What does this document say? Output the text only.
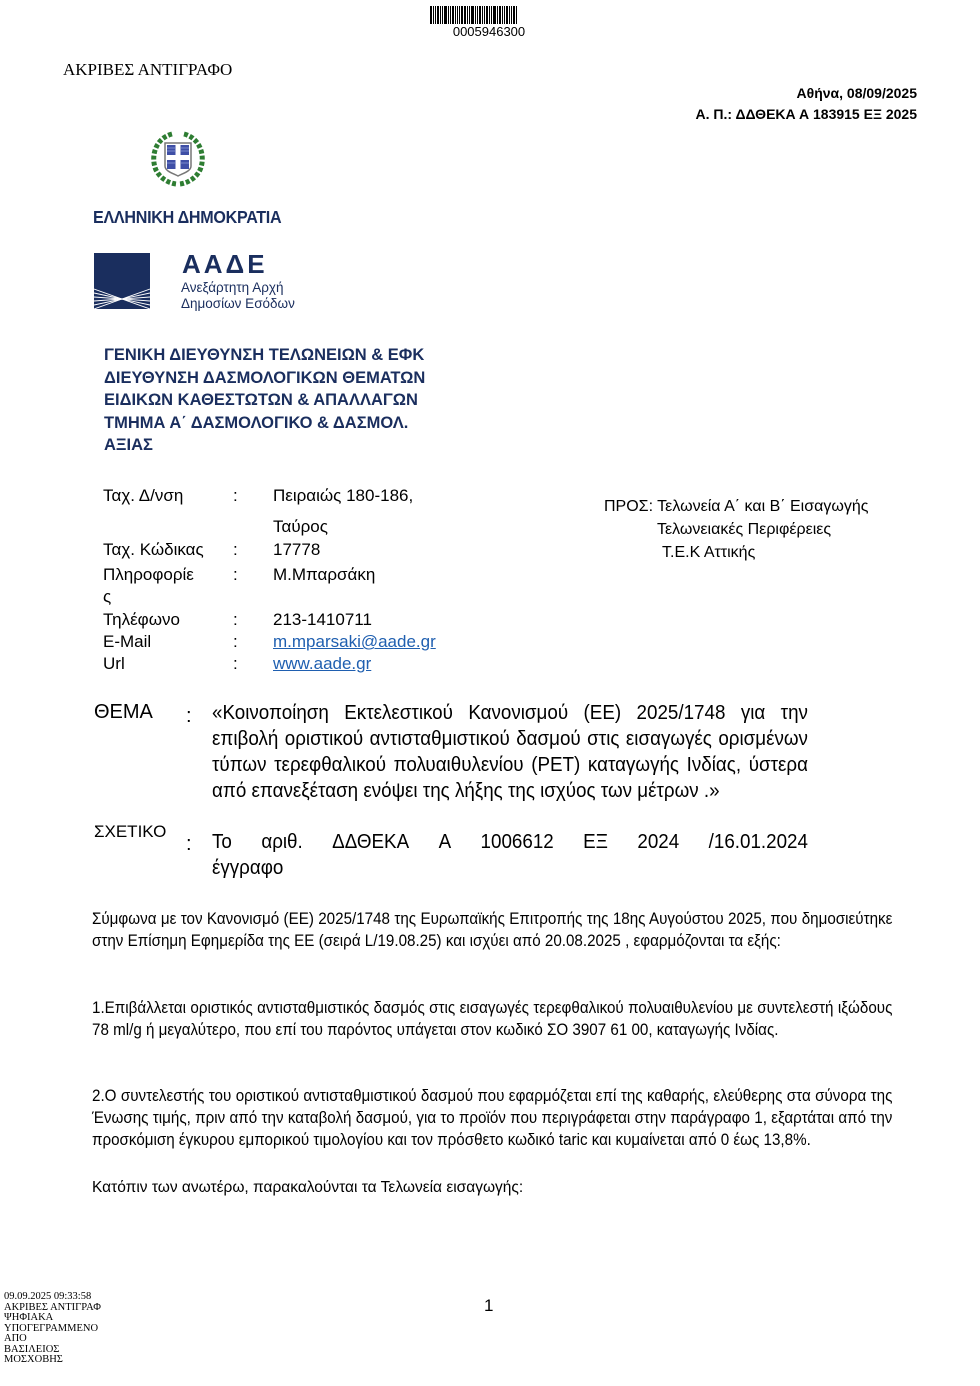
0005946300
ΑΚΡΙΒΕΣ ΑΝΤΙΓΡΑΦΟ
Αθήνα, 08/09/2025
Α. Π.: ΔΔΘΕΚΑ Α 183915 ΕΞ 2025
ΕΛΛΗΝΙΚΗ ΔΗΜΟΚΡΑΤΙΑ
ΑΑΔΕ
Ανεξάρτητη Αρχή
Δημοσίων Εσόδων
ΓΕΝΙΚΗ ΔΙΕΥΘΥΝΣΗ ΤΕΛΩΝΕΙΩΝ & ΕΦΚ
ΔΙΕΥΘΥΝΣΗ ΔΑΣΜΟΛΟΓΙΚΩΝ ΘΕΜΑΤΩΝ
ΕΙΔΙΚΩΝ ΚΑΘΕΣΤΩΤΩΝ & ΑΠΑΛΛΑΓΩΝ
ΤΜΗΜΑ Α΄ ΔΑΣΜΟΛΟΓΙΚΟ & ΔΑΣΜΟΛ.
ΑΞΙΑΣ
Ταχ. Δ/νση	: Πειραιώς 180-186,
Ταύρος
Ταχ. Κώδικας : 17778
Πληροφορίε : Μ.Μπαρσάκη
ς
Τηλέφωνο	: 213-1410711
E-Mail	: m.mparsaki@aade.gr
Url	: www.aade.gr
ΠΡΟΣ: Τελωνεία Α΄ και Β΄ Εισαγωγής
Τελωνειακές Περιφέρειες
Τ.Ε.Κ Αττικής
ΘΕΜΑ : «Κοινοποίηση Εκτελεστικού Κανονισμού (ΕΕ) 2025/1748 για την επιβολή οριστικού αντισταθμιστικού δασμού στις εισαγωγές ορισμένων τύπων τερεφθαλικού πολυαιθυλενίου (PET) καταγωγής Ινδίας, ύστερα από επανεξέταση ενόψει της λήξης της ισχύος των μέτρων .»
ΣΧΕΤΙΚΟ
: Το αριθ. ΔΔΘΕΚΑ Α 1006612 ΕΞ 2024 /16.01.2024
έγγραφο
Σύμφωνα με τον Κανονισμό (ΕΕ) 2025/1748 της Ευρωπαϊκής Επιτροπής της 18ης Αυγούστου 2025, που δημοσιεύτηκε στην Επίσημη Εφημερίδα της ΕΕ (σειρά L/19.08.25) και ισχύει από 20.08.2025 , εφαρμόζονται τα εξής:
1.Επιβάλλεται οριστικός αντισταθμιστικός δασμός στις εισαγωγές τερεφθαλικού πολυαιθυλενίου με συντελεστή ιξώδους 78 ml/g ή μεγαλύτερο, που επί του παρόντος υπάγεται στον κωδικό ΣΟ 3907 61 00, καταγωγής Ινδίας.
2.Ο συντελεστής του οριστικού αντισταθμιστικού δασμού που εφαρμόζεται επί της καθαρής, ελεύθερης στα σύνορα της Ένωσης τιμής, πριν από την καταβολή δασμού, για το προϊόν που περιγράφεται στην παράγραφο 1, εξαρτάται από την προσκόμιση έγκυρου εμπορικού τιμολογίου και τον πρόσθετο κωδικό taric και κυμαίνεται από 0 έως 13,8%.
Κατόπιν των ανωτέρω, παρακαλούνται τα Τελωνεία εισαγωγής:
1
09.09.2025 09:33:58
ΑΚΡΙΒΕΣ ΑΝΤΙΓΡΑΦ
ΨΗΦΙΑΚΑ
ΥΠΟΓΕΓΡΑΜΜΕΝΟ
ΑΠΟ
ΒΑΣΙΛΕΙΟΣ
ΜΟΣΧΟΒΗΣ
